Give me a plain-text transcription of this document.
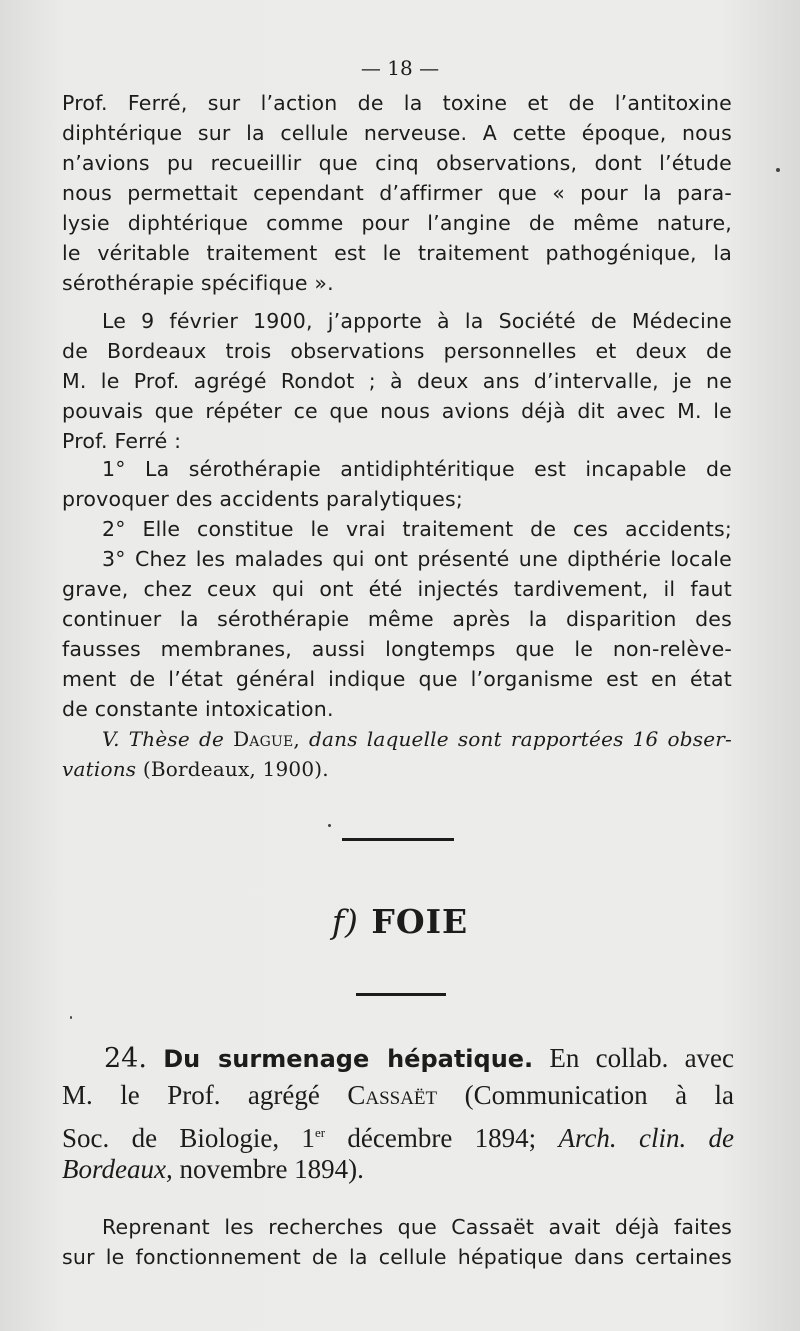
— 18 —
Prof. Ferré, sur l’action de la toxine et de l’antitoxine
diphtérique sur la cellule nerveuse. A cette époque, nous
n’avions pu recueillir que cinq observations, dont l’étude
nous permettait cependant d’affirmer que « pour la para-
lysie diphtérique comme pour l’angine de même nature,
le véritable traitement est le traitement pathogénique, la
sérothérapie spécifique ».
Le 9 février 1900, j’apporte à la Société de Médecine
de Bordeaux trois observations personnelles et deux de
M. le Prof. agrégé Rondot ; à deux ans d’intervalle, je ne
pouvais que répéter ce que nous avions déjà dit avec M. le
Prof. Ferré :
1° La sérothérapie antidiphtéritique est incapable de
provoquer des accidents paralytiques;
2° Elle constitue le vrai traitement de ces accidents;
3° Chez les malades qui ont présenté une dipthérie locale
grave, chez ceux qui ont été injectés tardivement, il faut
continuer la sérothérapie même après la disparition des
fausses membranes, aussi longtemps que le non-relève-
ment de l’état général indique que l’organisme est en état
de constante intoxication.
V. Thèse de Dague, dans laquelle sont rapportées 16 obser-
vations (Bordeaux, 1900).
f) FOIE
24. Du surmenage hépatique. En collab. avec
M. le Prof. agrégé Cassaët (Communication à la
Soc. de Biologie, 1er décembre 1894; Arch. clin. de
Bordeaux, novembre 1894).
Reprenant les recherches que Cassaët avait déjà faites
sur le fonctionnement de la cellule hépatique dans certaines
